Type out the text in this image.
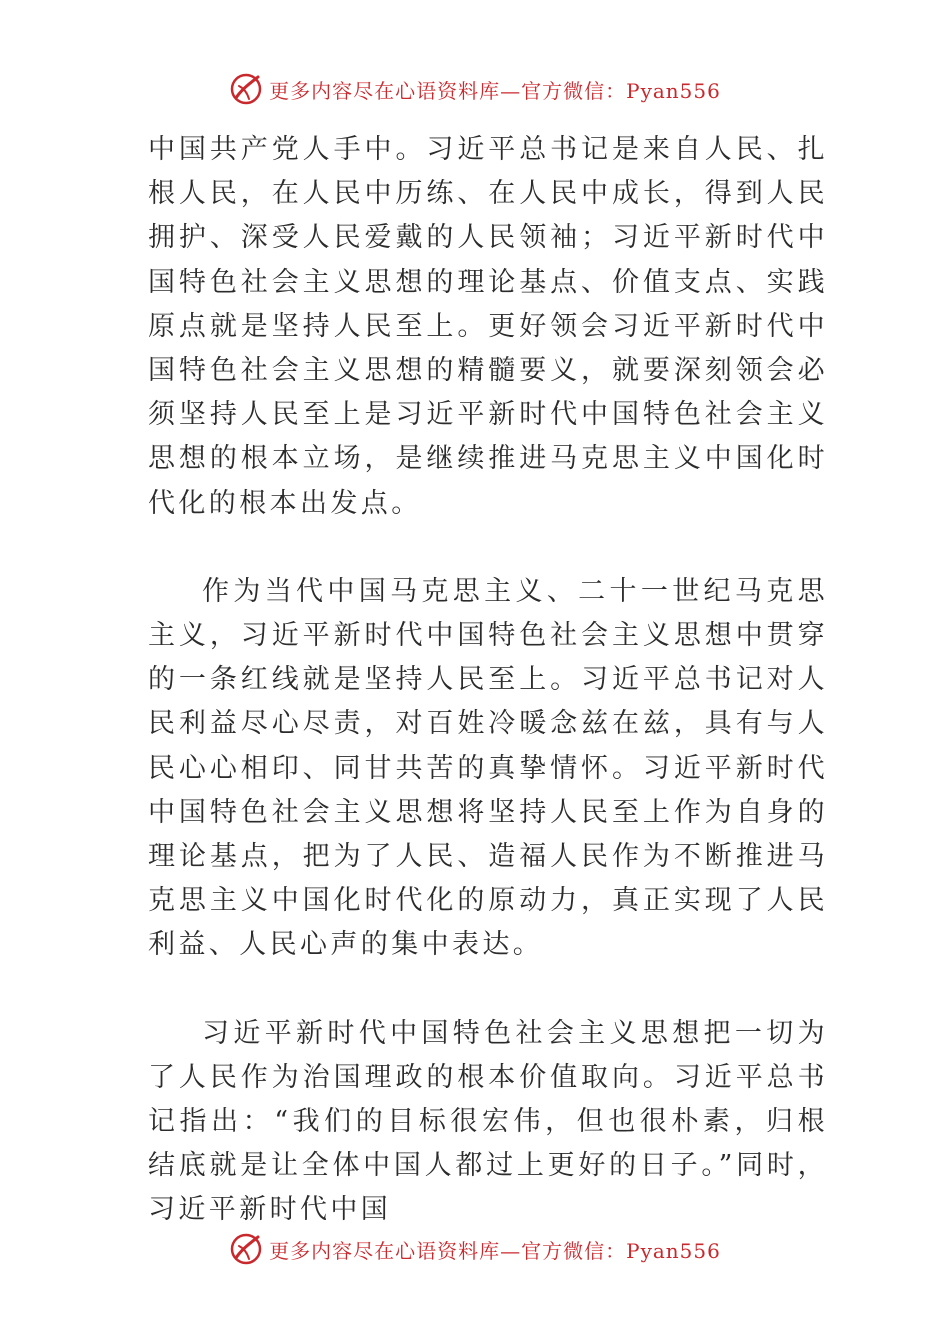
更多内容尽在心语资料库—官方微信：Pyan556

中国共产党人手中。习近平总书记是来自人民、扎根人民，在人民中历练、在人民中成长，得到人民拥护、深受人民爱戴的人民领袖；习近平新时代中国特色社会主义思想的理论基点、价值支点、实践原点就是坚持人民至上。更好领会习近平新时代中国特色社会主义思想的精髓要义，就要深刻领会必须坚持人民至上是习近平新时代中国特色社会主义思想的根本立场，是继续推进马克思主义中国化时代化的根本出发点。

作为当代中国马克思主义、二十一世纪马克思主义，习近平新时代中国特色社会主义思想中贯穿的一条红线就是坚持人民至上。习近平总书记对人民利益尽心尽责，对百姓冷暖念兹在兹，具有与人民心心相印、同甘共苦的真挚情怀。习近平新时代中国特色社会主义思想将坚持人民至上作为自身的理论基点，把为了人民、造福人民作为不断推进马克思主义中国化时代化的原动力，真正实现了人民利益、人民心声的集中表达。

习近平新时代中国特色社会主义思想把一切为了人民作为治国理政的根本价值取向。习近平总书记指出：“我们的目标很宏伟，但也很朴素，归根结底就是让全体中国人都过上更好的日子。”同时，习近平新时代中国

更多内容尽在心语资料库—官方微信：Pyan556
